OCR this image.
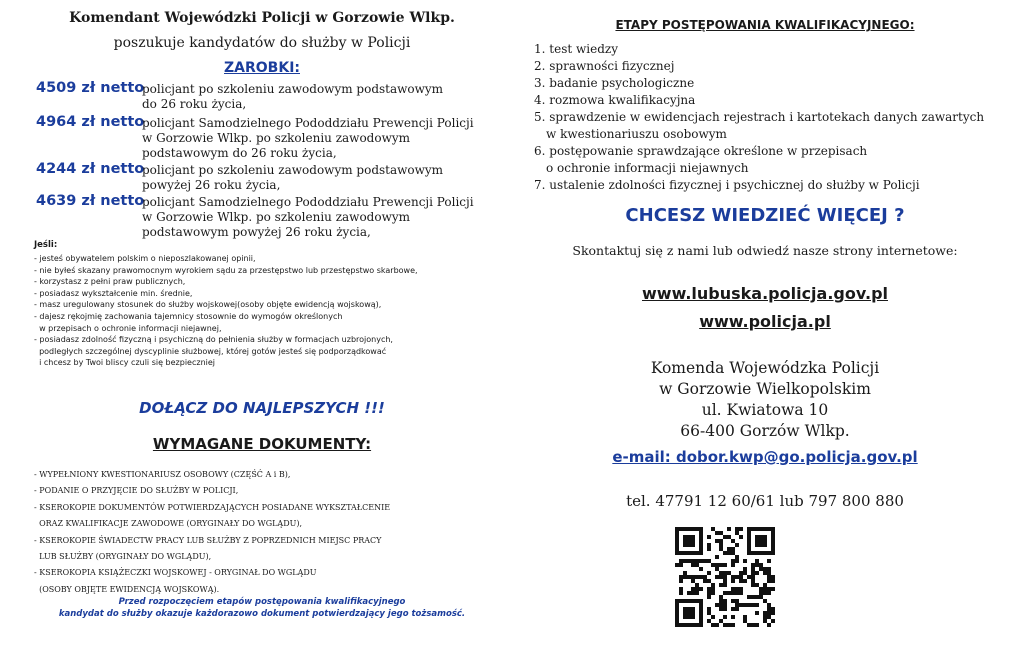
Komendant Wojewódzki Policji w Gorzowie Wlkp.
poszukuje kandydatów do służby w Policji
ZAROBKI:
4509 zł netto
policjant po szkoleniu zawodowym podstawowym
do 26 roku życia,
4964 zł netto
policjant Samodzielnego Pododdziału Prewencji Policji
w Gorzowie Wlkp. po szkoleniu zawodowym
podstawowym do 26 roku życia,
4244 zł netto
policjant po szkoleniu zawodowym podstawowym
powyżej 26 roku życia,
4639 zł netto
policjant Samodzielnego Pododdziału Prewencji Policji
w Gorzowie Wlkp. po szkoleniu zawodowym
podstawowym powyżej 26 roku życia,
Jeśli:
- jesteś obywatelem polskim o nieposzlakowanej opinii,
- nie byłeś skazany prawomocnym wyrokiem sądu za przestępstwo lub przestępstwo skarbowe,
- korzystasz z pełni praw publicznych,
- posiadasz wykształcenie min. średnie,
- masz uregulowany stosunek do służby wojskowej(osoby objęte ewidencją wojskową),
- dajesz rękojmię zachowania tajemnicy stosownie do wymogów określonych
w przepisach o ochronie informacji niejawnej,
- posiadasz zdolność fizyczną i psychiczną do pełnienia służby w formacjach uzbrojonych,
podległych szczególnej dyscyplinie służbowej, której gotów jesteś się podporządkować
i chcesz by Twoi bliscy czuli się bezpieczniej
DOŁĄCZ DO NAJLEPSZYCH !!!
WYMAGANE DOKUMENTY:
- WYPEŁNIONY KWESTIONARIUSZ OSOBOWY (CZĘŚĆ A i B),
- PODANIE O PRZYJĘCIE DO SŁUŻBY W POLICJI,
- KSEROKOPIE DOKUMENTÓW POTWIERDZAJĄCYCH POSIADANE WYKSZTAŁCENIE
ORAZ KWALIFIKACJE ZAWODOWE (ORYGINAŁY DO WGLĄDU),
- KSEROKOPIE ŚWIADECTW PRACY LUB SŁUŻBY Z POPRZEDNICH MIEJSC PRACY
LUB SŁUŻBY (ORYGINAŁY DO WGLĄDU),
- KSEROKOPIA KSIĄŻECZKI WOJSKOWEJ - ORYGINAŁ DO WGLĄDU
(OSOBY OBJĘTE EWIDENCJĄ WOJSKOWĄ).
Przed rozpoczęciem etapów postępowania kwalifikacyjnego
kandydat do służby okazuje każdorazowo dokument potwierdzający jego tożsamość.
ETAPY POSTĘPOWANIA KWALIFIKACYJNEGO:
1. test wiedzy
2. sprawności fizycznej
3. badanie psychologiczne
4. rozmowa kwalifikacyjna
5. sprawdzenie w ewidencjach rejestrach i kartotekach danych zawartych
w kwestionariuszu osobowym
6. postępowanie sprawdzające określone w przepisach
o ochronie informacji niejawnych
7. ustalenie zdolności fizycznej i psychicznej do służby w Policji
CHCESZ WIEDZIEĆ WIĘCEJ ?
Skontaktuj się z nami lub odwiedź nasze strony internetowe:
www.lubuska.policja.gov.pl
www.policja.pl
Komenda Wojewódzka Policji
w Gorzowie Wielkopolskim
ul. Kwiatowa 10
66-400 Gorzów Wlkp.
e-mail: dobor.kwp@go.policja.gov.pl
tel. 47791 12 60/61 lub 797 800 880
